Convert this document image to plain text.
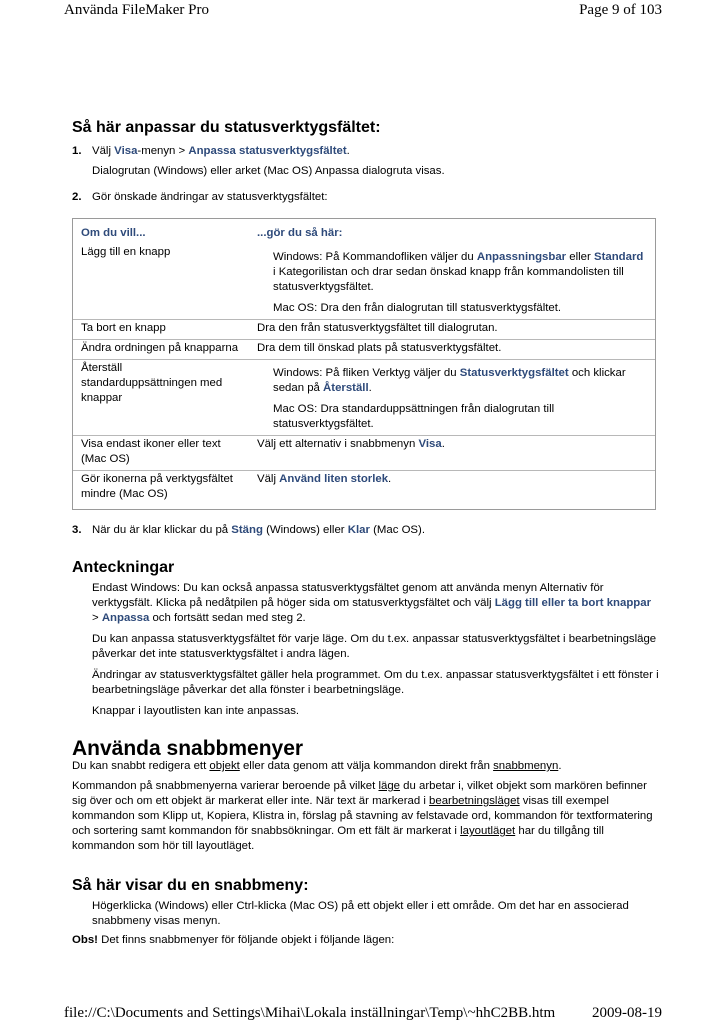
Använda FileMaker Pro	Page 9 of 103
Så här anpassar du statusverktygsfältet:

1. Välj Visa-menyn > Anpassa statusverktygsfältet.

Dialogrutan (Windows) eller arket (Mac OS) Anpassa dialogruta visas.

2. Gör önskade ändringar av statusverktygsfältet:

Om du vill...	...gör du så här:
Lägg till en knapp	Windows: På Kommandofliken väljer du Anpassningsbar eller Standard i Kategorilistan och drar sedan önskad knapp från kommandolisten till statusverktygsfältet.

Mac OS: Dra den från dialogrutan till statusverktygsfältet.

Ta bort en knapp	Dra den från statusverktygsfältet till dialogrutan.
Ändra ordningen på knapparna	Dra dem till önskad plats på statusverktygsfältet.
Återställ standarduppsättningen med knappar	Windows: På fliken Verktyg väljer du Statusverktygsfältet och klickar sedan på Återställ.

Mac OS: Dra standarduppsättningen från dialogrutan till statusverktygsfältet.

Visa endast ikoner eller text (Mac OS)	Välj ett alternativ i snabbmenyn Visa.
Gör ikonerna på verktygsfältet mindre (Mac OS)	Välj Använd liten storlek.

3. När du är klar klickar du på Stäng (Windows) eller Klar (Mac OS).

Anteckningar

Endast Windows: Du kan också anpassa statusverktygsfältet genom att använda menyn Alternativ för verktygsfält. Klicka på nedåtpilen på höger sida om statusverktygsfältet och välj Lägg till eller ta bort knappar > Anpassa och fortsätt sedan med steg 2.

Du kan anpassa statusverktygsfältet för varje läge. Om du t.ex. anpassar statusverktygsfältet i bearbetningsläge påverkar det inte statusverktygsfältet i andra lägen.

Ändringar av statusverktygsfältet gäller hela programmet. Om du t.ex. anpassar statusverktygsfältet i ett fönster i bearbetningsläge påverkar det alla fönster i bearbetningsläge.

Knappar i layoutlisten kan inte anpassas.

Använda snabbmenyer

Du kan snabbt redigera ett objekt eller data genom att välja kommandon direkt från snabbmenyn.

Kommandon på snabbmenyerna varierar beroende på vilket läge du arbetar i, vilket objekt som markören befinner sig över och om ett objekt är markerat eller inte. När text är markerad i bearbetningsläget visas till exempel kommandon som Klipp ut, Kopiera, Klistra in, förslag på stavning av felstavade ord, kommandon för textformatering och sortering samt kommandon för snabbsökningar. Om ett fält är markerat i layoutläget har du tillgång till kommandon som hör till layoutläget.

Så här visar du en snabbmeny:

Högerklicka (Windows) eller Ctrl-klicka (Mac OS) på ett objekt eller i ett område. Om det har en associerad snabbmeny visas menyn.

Obs! Det finns snabbmenyer för följande objekt i följande lägen:

file://C:\Documents and Settings\Mihai\Lokala inställningar\Temp\~hhC2BB.htm 2009-08-19
